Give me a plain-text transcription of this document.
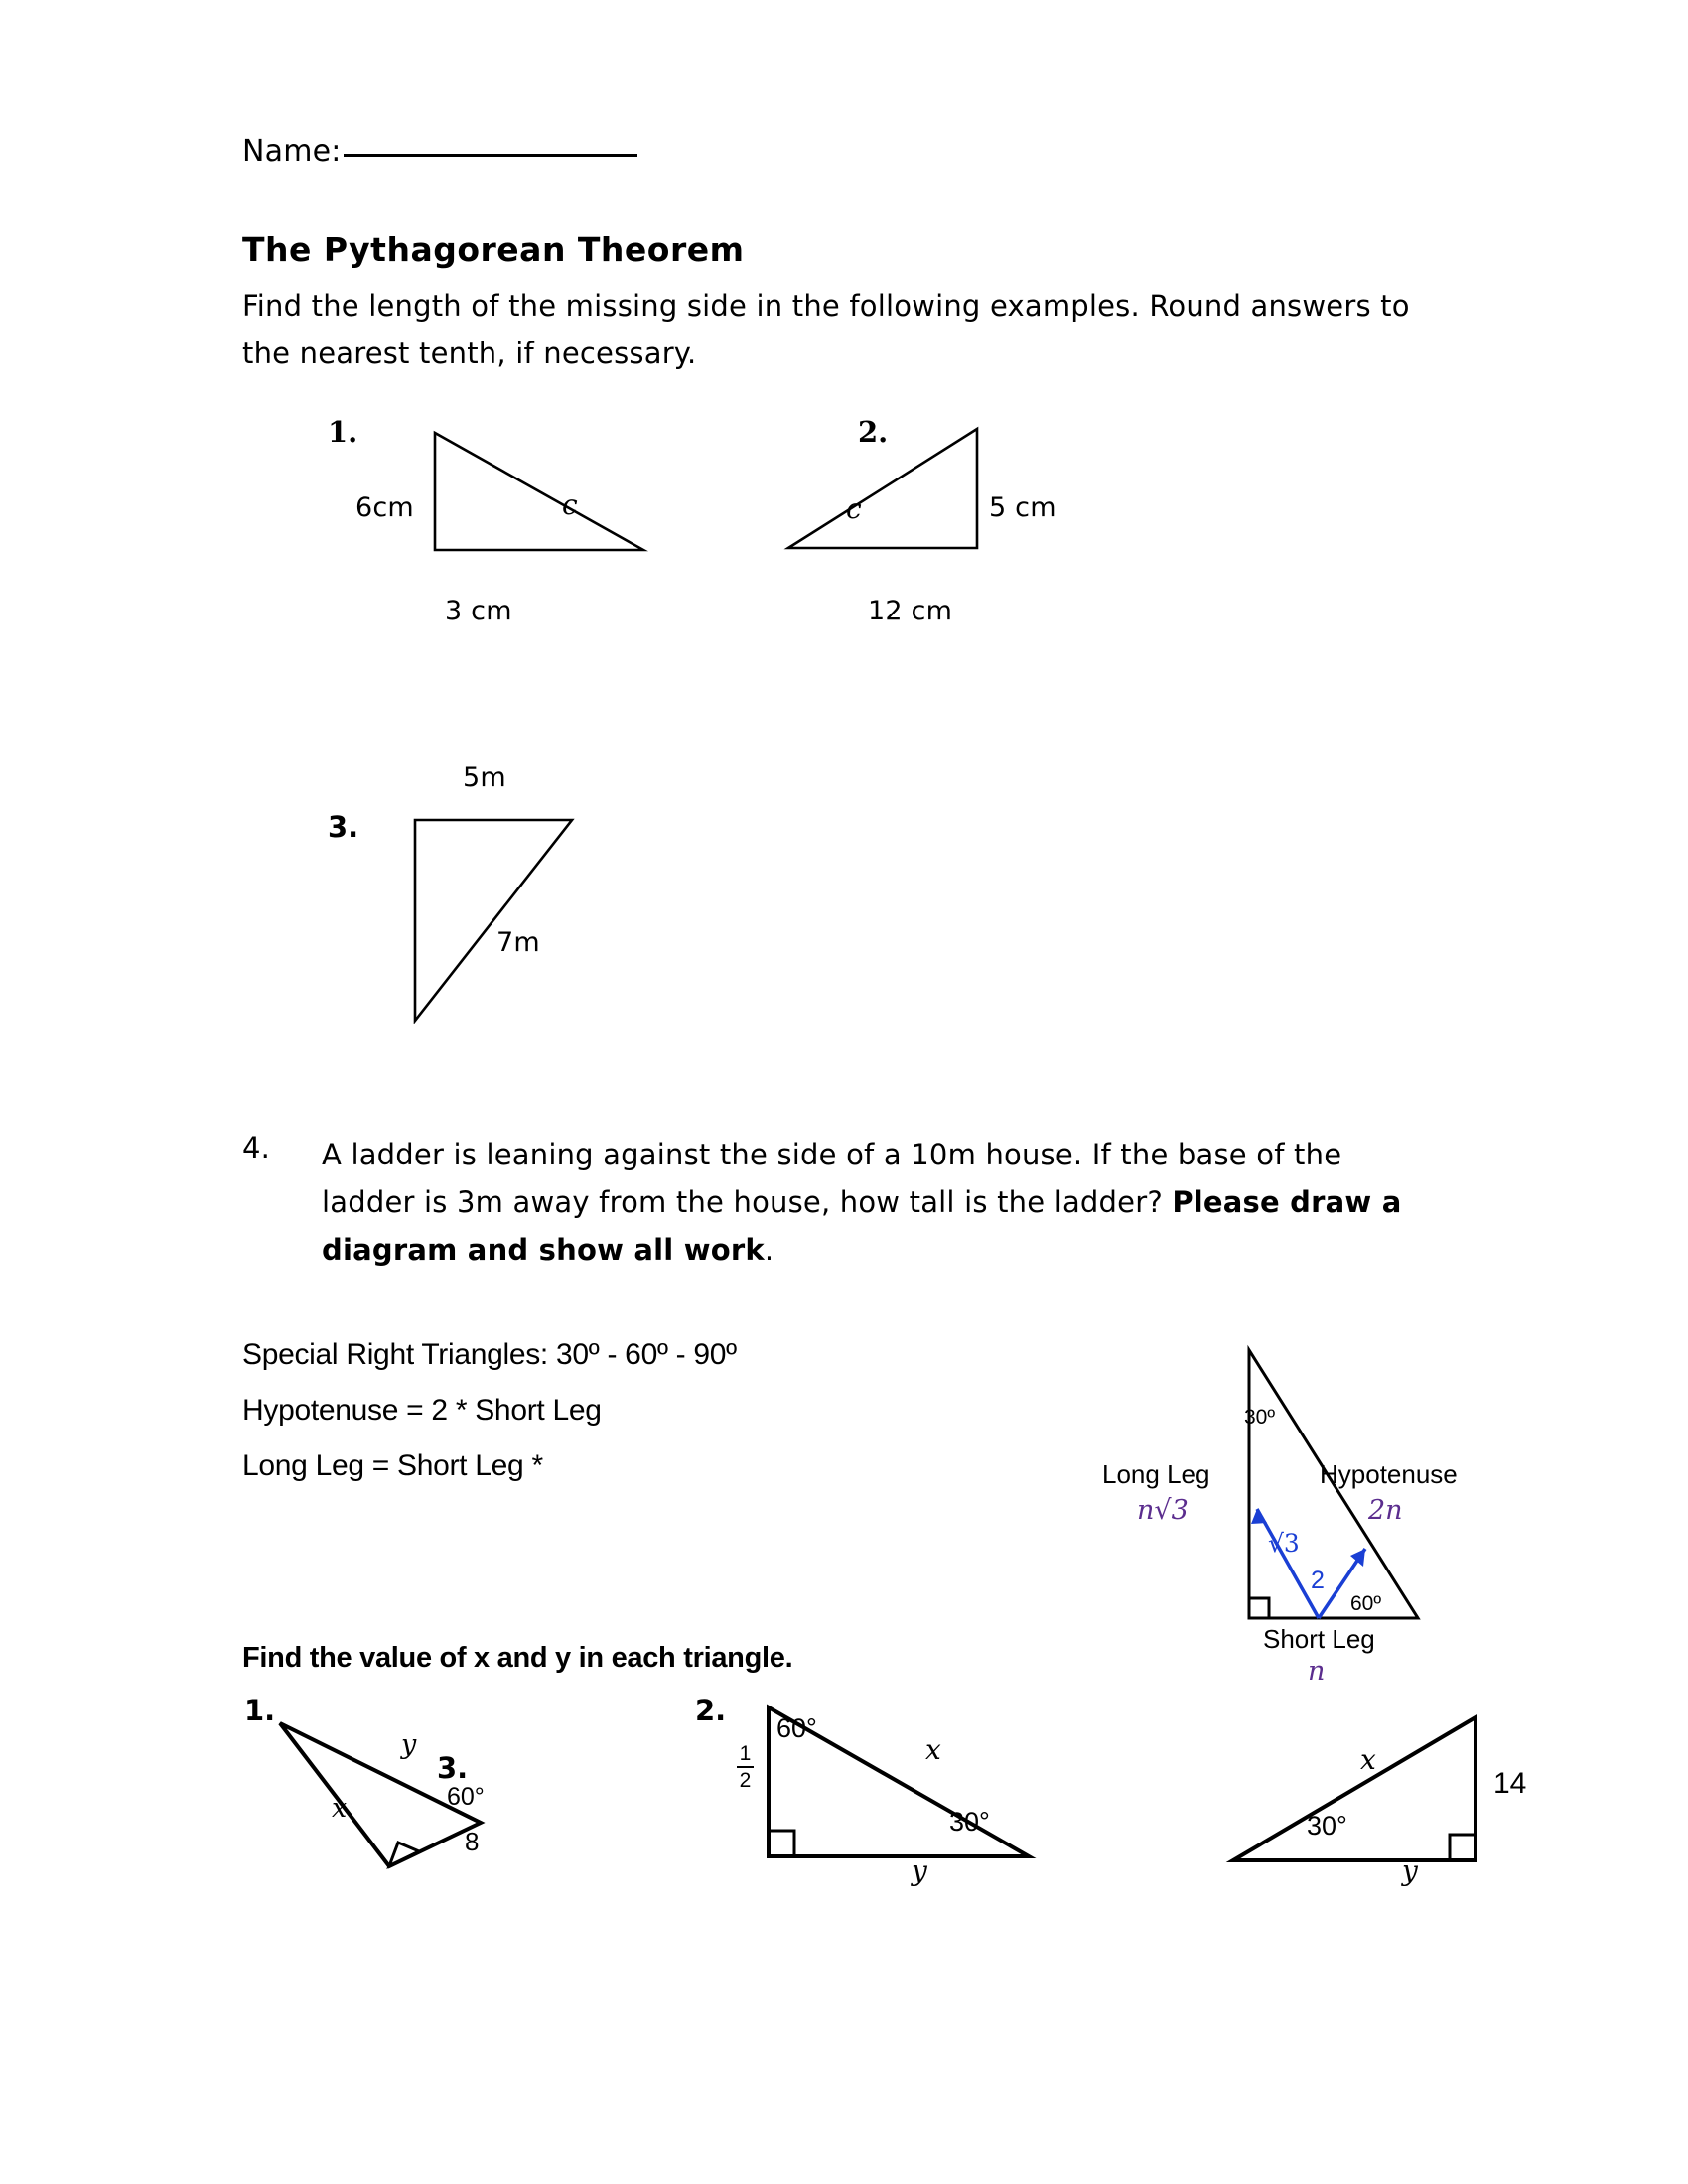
Name:
The Pythagorean Theorem
Find the length of the missing side in the following examples. Round answers to the nearest tenth, if necessary.
1.
6cm
3 cm
c
2.
c	5 cm
12 cm
5m
3.
7m
4. A ladder is leaning against the side of a 10m house. If the base of the ladder is 3m away from the house, how tall is the ladder? Please draw a diagram and show all work.
Special Right Triangles: 30º - 60º - 90º
Hypotenuse = 2 * Short Leg
Long Leg = Short Leg *
30º
Long Leg
n√3
Hypotenuse
2n
√3
2
60º
Short Leg
n
Find the value of x and y in each triangle.
1.
y
3.
60°
x
8
2.
60°
1
2
x
30°
y
x
14
30°
y
